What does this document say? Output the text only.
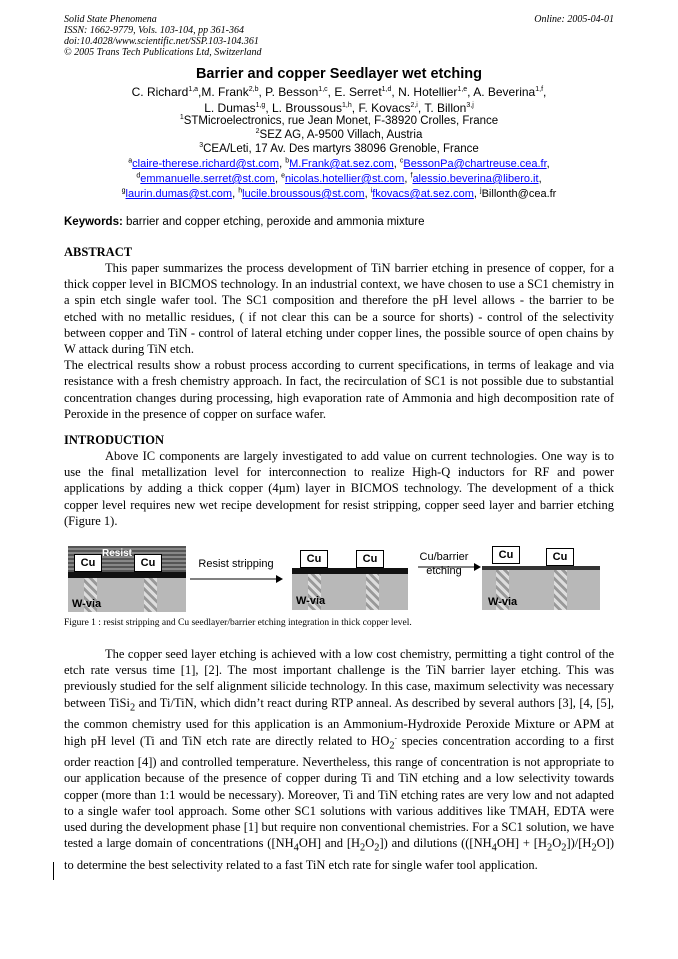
Solid State Phenomena
ISSN: 1662-9779, Vols. 103-104, pp 361-364
doi:10.4028/www.scientific.net/SSP.103-104.361
© 2005 Trans Tech Publications Ltd, Switzerland
Online: 2005-04-01
Barrier and copper Seedlayer wet etching
C. Richard$^{1,a}$,M. Frank$^{2,b}$, P. Besson$^{1,c}$, E. Serret$^{1,d}$, N. Hotellier$^{1,e}$, A. Beverina$^{1,f}$,
L. Dumas$^{1,g}$, L. Broussous$^{1,h}$, F. Kovacs$^{2,i}$, T. Billon$^{3,j}$
$^1$STMicroelectronics, rue Jean Monet, F-38920 Crolles, France
$^2$SEZ AG, A-9500 Villach, Austria
$^3$CEA/Leti, 17 Av. Des martyrs 38096 Grenoble, France
$^a$claire-therese.richard@st.com, $^b$M.Frank@at.sez.com, $^c$BessonPa@chartreuse.cea.fr,
$^d$emmanuelle.serret@st.com, $^e$nicolas.hotellier@st.com, $^f$alessio.beverina@libero.it,
$^g$laurin.dumas@st.com, $^h$lucile.broussous@st.com, $^i$fkovacs@at.sez.com, $^j$Billonth@cea.fr
Keywords: barrier and copper etching, peroxide and ammonia mixture
ABSTRACT

This paper summarizes the process development of TiN barrier etching in presence of copper, for a thick copper level in BICMOS technology. In an industrial context, we have chosen to use a SC1 chemistry in a spin etch single wafer tool. The SC1 composition and therefore the pH level allows - the barrier to be etched with no metallic residues, ( if not clear this can be a source for shorts) - control of the selectivity between copper and TiN - control of lateral etching under copper lines, the possible source of open chains by W attack during TiN etch.

The electrical results show a robust process according to current specifications, in terms of leakage and via resistance with a fresh chemistry approach. In fact, the recirculation of SC1 is not possible due to substantial concentration changes during processing, high evaporation rate of Ammonia and high decomposition rate of Peroxide in the presence of copper on surface wafer.

INTRODUCTION

Above IC components are largely investigated to add value on current technologies. One way is to use the final metallization level for interconnection to realize High-Q inductors for RF and power applications by adding a thick copper (4µm) layer in BICMOS technology. The development of a thick copper level requires new wet recipe development for resist stripping, copper seed layer and barrier etching (Figure 1).

Cu	Cu
Resist
W-via
Resist stripping	Cu	Cu
W-via
Cu/barrier
etching
Cu	Cu
W-via
Figure 1 : resist stripping and Cu seedlayer/barrier etching integration in thick copper level.

The copper seed layer etching is achieved with a low cost chemistry, permitting a tight control of the etch rate versus time [1], [2]. The most important challenge is the TiN barrier layer etching. This was previously studied for the self alignment silicide technology. In this case, maximum selectivity was necessary between TiSi$_2$ and Ti/TiN, which didn’t react during RTP anneal. As described by several authors [3], [4, [5], the common chemistry used for this application is an Ammonium-Hydroxide Peroxide Mixture or APM at high pH level (Ti and TiN etch rate are directly related to $HO_2^-$ species concentration according to a first order reaction [4]) and controlled temperature. Nevertheless, this range of concentration is not appropriate to our application because of the presence of copper during Ti and TiN etching and a low selectivity towards copper (more than 1:1 would be necessary). Moreover, Ti and TiN etching rates are very low and not adapted to a single wafer tool approach. Some other SC1 solutions with various additives like TMAH, EDTA were used during the development phase [1] but require non conventional chemistries. For a SC1 solution, we have tested a large domain of concentrations ($[NH_4OH]$ and $[H_2O_2]$) and dilutions $(([NH_4OH] + [H_2O_2])/[H_2O])$ to determine the best selectivity related to a fast TiN etch rate for single wafer tool application.
